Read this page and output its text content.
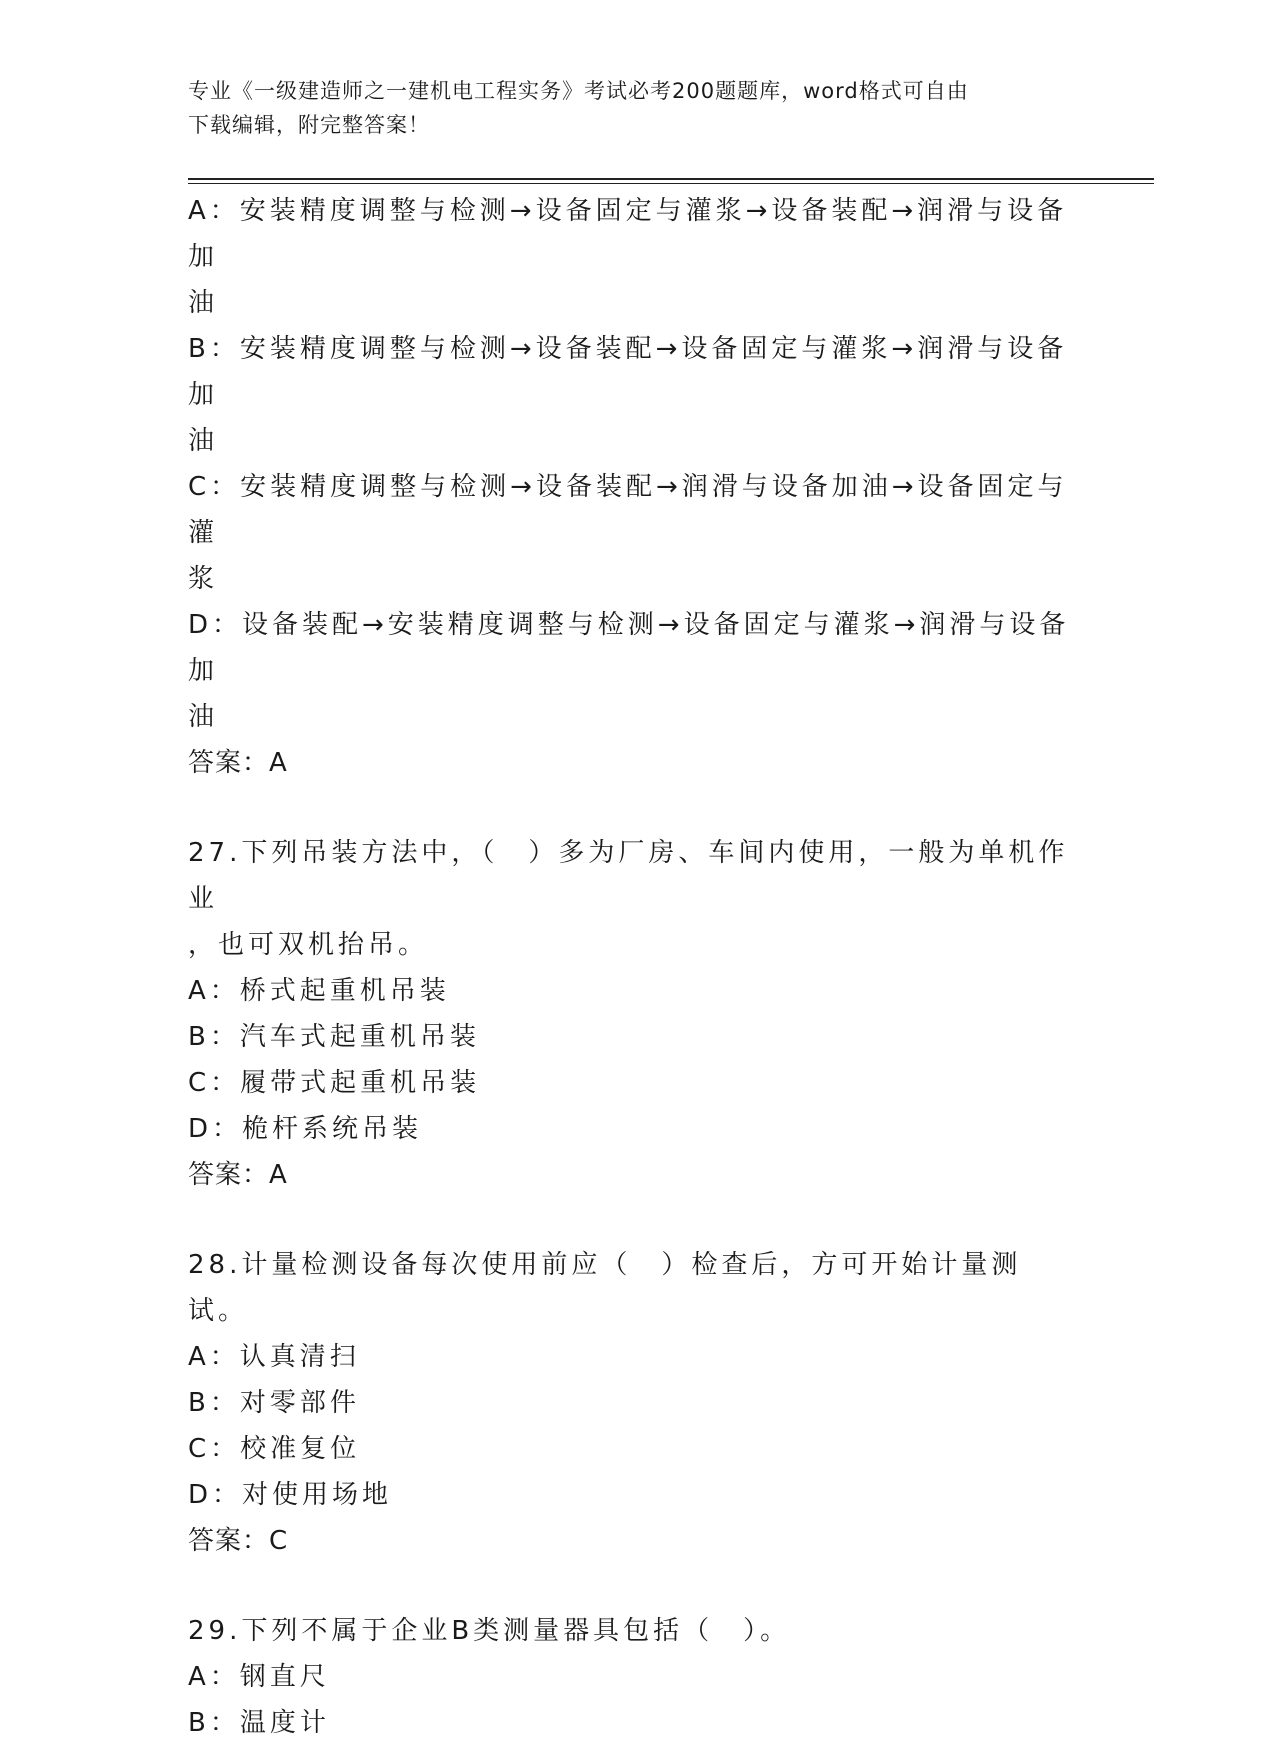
专业《一级建造师之一建机电工程实务》考试必考200题题库，word格式可自由
下载编辑，附完整答案！

A：安装精度调整与检测→设备固定与灌浆→设备装配→润滑与设备加

油

B：安装精度调整与检测→设备装配→设备固定与灌浆→润滑与设备加

油

C：安装精度调整与检测→设备装配→润滑与设备加油→设备固定与灌

浆

D：设备装配→安装精度调整与检测→设备固定与灌浆→润滑与设备加

油

答案：A

27.下列吊装方法中，（　）多为厂房、车间内使用，一般为单机作业

，也可双机抬吊。

A：桥式起重机吊装

B：汽车式起重机吊装

C：履带式起重机吊装

D：桅杆系统吊装

答案：A

28.计量检测设备每次使用前应（　）检查后，方可开始计量测试。

A：认真清扫

B：对零部件

C：校准复位

D：对使用场地

答案：C

29.下列不属于企业B类测量器具包括（　）。

A：钢直尺

B：温度计
